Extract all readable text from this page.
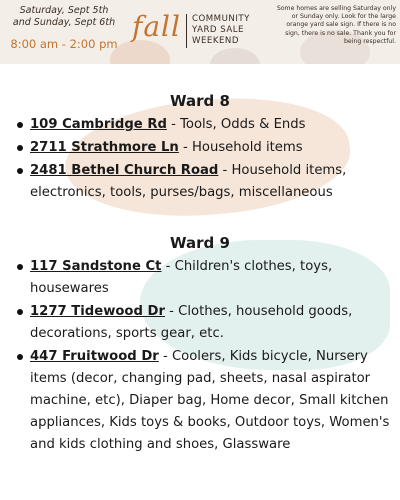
Saturday, Sept 5th
and Sunday, Sept 6th
8:00 am - 2:00 pm
fall COMMUNITY
YARD SALE
WEEKEND
Some homes are selling Saturday only or Sunday only. Look for the large orange yard sale sign. If there is no sign, there is no sale. Thank you for being respectful.
Ward 8
109 Cambridge Rd - Tools, Odds & Ends
2711 Strathmore Ln - Household items
2481 Bethel Church Road - Household items, electronics, tools, purses/bags, miscellaneous
Ward 9
117 Sandstone Ct - Children's clothes, toys, housewares
1277 Tidewood Dr - Clothes, household goods, decorations, sports gear, etc.
447 Fruitwood Dr - Coolers, Kids bicycle, Nursery items (decor, changing pad, sheets, nasal aspirator machine, etc), Diaper bag, Home decor, Small kitchen appliances, Kids toys & books, Outdoor toys, Women's and kids clothing and shoes, Glassware
